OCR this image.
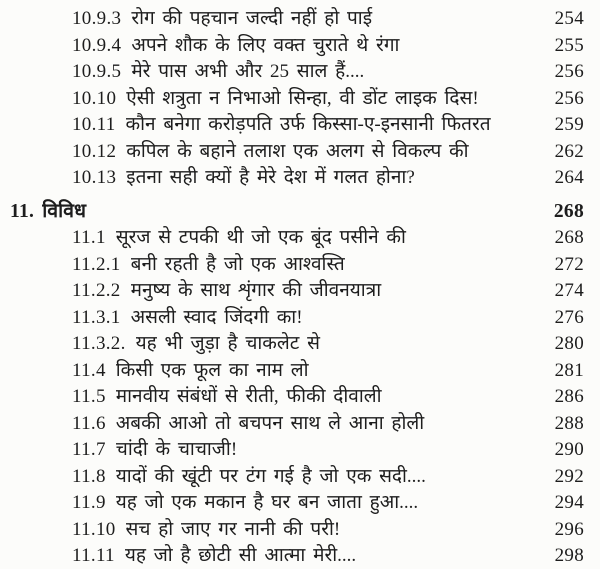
10.9.3 रोग की पहचान जल्दी नहीं हो पाई	254
10.9.4 अपने शौक के लिए वक्त चुराते थे रंगा	255
10.9.5 मेरे पास अभी और 25 साल हैं....	256
10.10 ऐसी शत्रुता न निभाओ सिन्हा, वी डोंट लाइक दिस!	256
10.11 कौन बनेगा करोड़पति उर्फ किस्सा-ए-इनसानी फितरत	259
10.12 कपिल के बहाने तलाश एक अलग से विकल्प की	262
10.13 इतना सही क्यों है मेरे देश में गलत होना?	264
11. विविध	268
11.1 सूरज से टपकी थी जो एक बूंद पसीने की	268
11.2.1 बनी रहती है जो एक आश्वस्ति	272
11.2.2 मनुष्य के साथ शृंगार की जीवनयात्रा	274
11.3.1 असली स्वाद जिंदगी का!	276
11.3.2. यह भी जुड़ा है चाकलेट से	280
11.4 किसी एक फूल का नाम लो	281
11.5 मानवीय संबंधों से रीती, फीकी दीवाली	286
11.6 अबकी आओ तो बचपन साथ ले आना होली	288
11.7 चांदी के चाचाजी!	290
11.8 यादों की खूंटी पर टंग गई है जो एक सदी....	292
11.9 यह जो एक मकान है घर बन जाता हुआ....	294
11.10 सच हो जाए गर नानी की परी!	296
11.11 यह जो है छोटी सी आत्मा मेरी....	298
